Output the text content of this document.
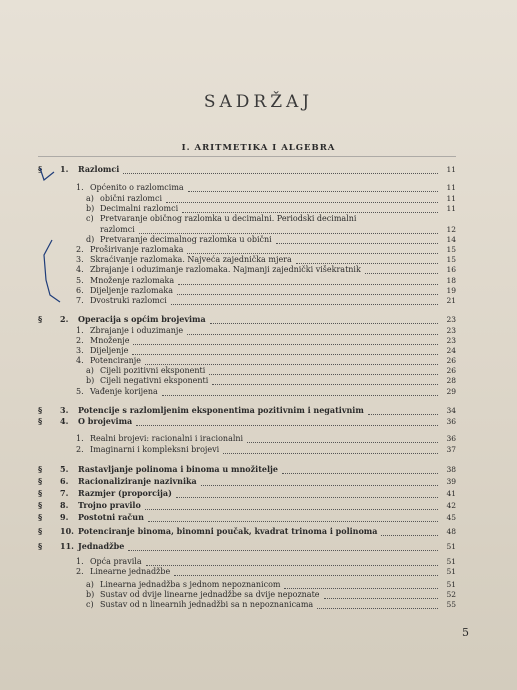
SADRŽAJ
I. ARITMETIKA I ALGEBRA
§ 1. Razlomci	11
1. Općenito o razlomcima	11
a) obični razlomci	11
b) Decimalni razlomci	11
c) Pretvaranje običnog razlomka u decimalni. Periodski decimalni
razlomci	12
d) Pretvaranje decimalnog razlomka u obični	14
2. Proširivanje razlomaka	15
3. Skraćivanje razlomaka. Najveća zajednička mjera	15
4. Zbrajanje i oduzimanje razlomaka. Najmanji zajednički višekratnik	16
5. Množenje razlomaka	18
6. Dijeljenje razlomaka	19
7. Dvostruki razlomci	21
§ 2. Operacija s općim brojevima	23
1. Zbrajanje i oduzimanje	23
2. Množenje	23
3. Dijeljenje	24
4. Potenciranje	26
a) Cijeli pozitivni eksponenti	26
b) Cijeli negativni eksponenti	28
5. Vađenje korijena	29
§ 3. Potencije s razlomljenim eksponentima pozitivnim i negativnim	34
§ 4. O brojevima	36
1. Realni brojevi: racionalni i iracionalni	36
2. Imaginarni i kompleksni brojevi	37
§ 5. Rastavljanje polinoma i binoma u množitelje	38
§ 6. Racionaliziranje nazivnika	39
§ 7. Razmjer (proporcija)	41
§ 8. Trojno pravilo	42
§ 9. Postotni račun	45
§ 10. Potenciranje binoma, binomni poučak, kvadrat trinoma i polinoma	48
§ 11. Jednadžbe	51
1. Opća pravila	51
2. Linearne jednadžbe	51
a) Linearna jednadžba s jednom nepoznanicom	51
b) Sustav od dvije linearne jednadžbe sa dvije nepoznate	52
c) Sustav od n linearnih jednadžbi sa n nepoznanicama	55
5
